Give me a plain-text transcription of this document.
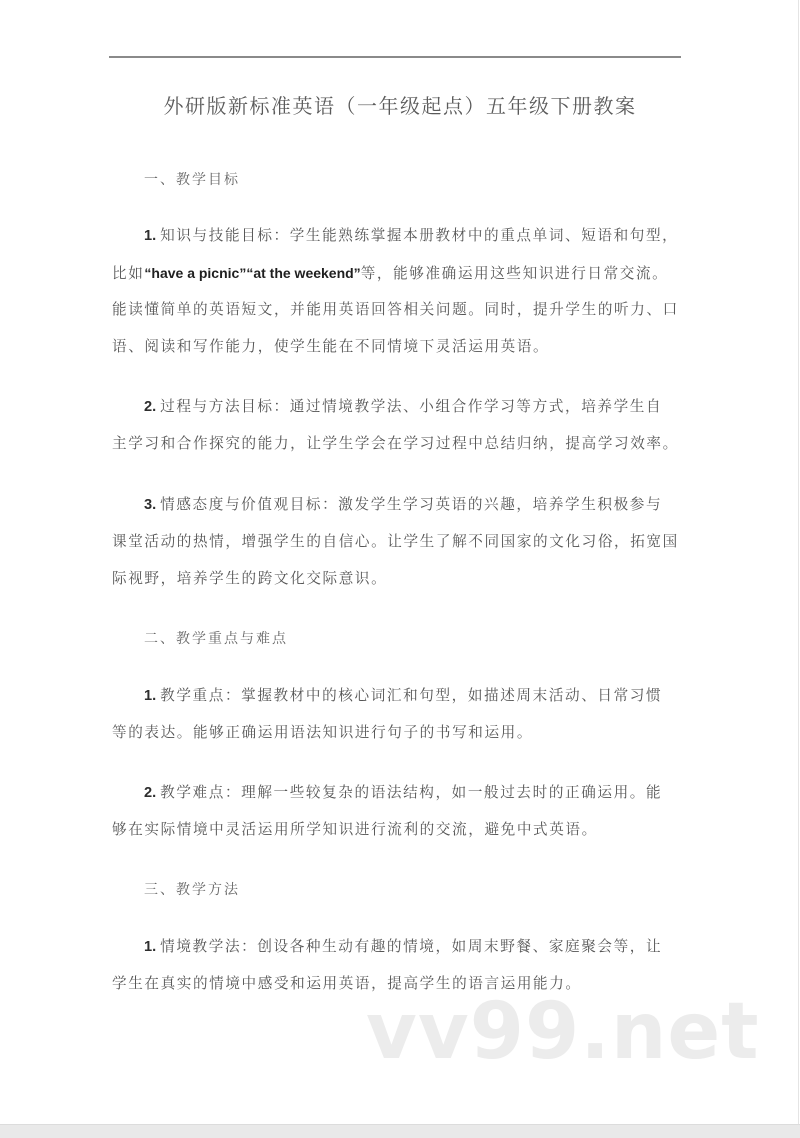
外研版新标准英语（一年级起点）五年级下册教案
一、教学目标
1. 知识与技能目标：学生能熟练掌握本册教材中的重点单词、短语和句型，
比如“have a picnic”“at the weekend”等，能够准确运用这些知识进行日常交流。
能读懂简单的英语短文，并能用英语回答相关问题。同时，提升学生的听力、口
语、阅读和写作能力，使学生能在不同情境下灵活运用英语。
2. 过程与方法目标：通过情境教学法、小组合作学习等方式，培养学生自
主学习和合作探究的能力，让学生学会在学习过程中总结归纳，提高学习效率。
3. 情感态度与价值观目标：激发学生学习英语的兴趣，培养学生积极参与
课堂活动的热情，增强学生的自信心。让学生了解不同国家的文化习俗，拓宽国
际视野，培养学生的跨文化交际意识。
二、教学重点与难点
1. 教学重点：掌握教材中的核心词汇和句型，如描述周末活动、日常习惯
等的表达。能够正确运用语法知识进行句子的书写和运用。
2. 教学难点：理解一些较复杂的语法结构，如一般过去时的正确运用。能
够在实际情境中灵活运用所学知识进行流利的交流，避免中式英语。
三、教学方法
1. 情境教学法：创设各种生动有趣的情境，如周末野餐、家庭聚会等，让
学生在真实的情境中感受和运用英语，提高学生的语言运用能力。
vv99.net
